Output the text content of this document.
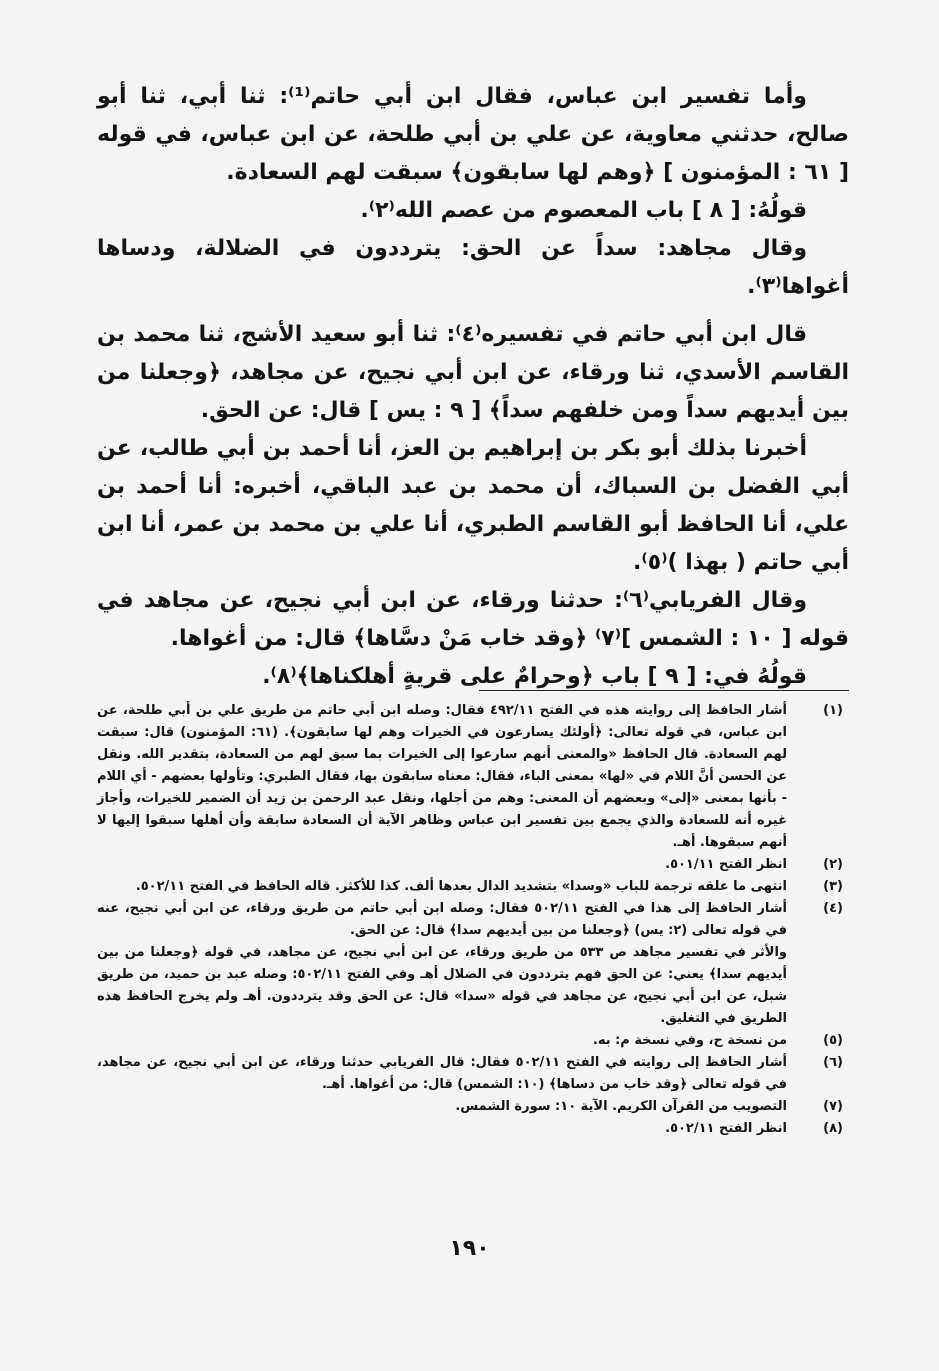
وأما تفسير ابن عباس، فقال ابن أبي حاتم⁽¹⁾: ثنا أبي، ثنا أبو صالح، حدثني معاوية، عن علي بن أبي طلحة، عن ابن عباس، في قوله [ ٦١ : المؤمنون ] ﴿وهم لها سابقون﴾ سبقت لهم السعادة.

قولُهُ: [ ٨ ] باب المعصوم من عصم الله⁽٢⁾.

وقال مجاهد: سداً عن الحق: يترددون في الضلالة، ودساها أغواها⁽٣⁾.

قال ابن أبي حاتم في تفسيره⁽٤⁾: ثنا أبو سعيد الأشج، ثنا محمد بن القاسم الأسدي، ثنا ورقاء، عن ابن أبي نجيح، عن مجاهد، ﴿وجعلنا من بين أيديهم سداً ومن خلفهم سداً﴾ [ ٩ : يس ] قال: عن الحق.

أخبرنا بذلك أبو بكر بن إبراهيم بن العز، أنا أحمد بن أبي طالب، عن أبي الفضل بن السباك، أن محمد بن عبد الباقي، أخبره: أنا أحمد بن علي، أنا الحافظ أبو القاسم الطبري، أنا علي بن محمد بن عمر، أنا ابن أبي حاتم ( بهذا )⁽٥⁾.

وقال الفريابي⁽٦⁾: حدثنا ورقاء، عن ابن أبي نجيح، عن مجاهد في قوله [ ١٠ : الشمس ]⁽٧⁾ ﴿وقد خاب مَنْ دسَّاها﴾ قال: من أغواها.

قولُهُ في: [ ٩ ] باب ﴿وحرامٌ على قريةٍ أهلكناها﴾⁽٨⁾.

(١)
أشار الحافظ إلى روايته هذه في الفتح ٤٩٢/١١ فقال: وصله ابن أبي حاتم من طريق علي بن أبي طلحة، عن ابن عباس، في قوله تعالى: ﴿أولئك يسارعون في الخيرات وهم لها سابقون﴾. (٦١: المؤمنون) قال: سبقت لهم السعادة. قال الحافظ «والمعنى أنهم سارعوا إلى الخيرات بما سبق لهم من السعادة، بتقدير الله. ونقل عن الحسن أنَّ اللام في «لها» بمعنى الباء، فقال: معناه سابقون بها، فقال الطبري: وتأولها بعضهم - أي اللام - بأنها بمعنى «إلى» وبعضهم أن المعنى: وهم من أجلها، ونقل عبد الرحمن بن زيد أن الضمير للخيرات، وأجاز غيره أنه للسعادة والذي يجمع بين تفسير ابن عباس وظاهر الآية أن السعادة سابقة وأن أهلها سبقوا إليها لا أنهم سبقوها. أهـ.
(٢)
انظر الفتح ٥٠١/١١.
(٣)
انتهى ما علقه ترجمة للباب «وسدا» بتشديد الدال بعدها ألف. كذا للأكثر. قاله الحافظ في الفتح ٥٠٢/١١.
(٤)
أشار الحافظ إلى هذا في الفتح ٥٠٢/١١ فقال: وصله ابن أبي حاتم من طريق ورقاء، عن ابن أبي نجيح، عنه في قوله تعالى (٢: يس) ﴿وجعلنا من بين أيديهم سدا﴾ قال: عن الحق.
والأثر في تفسير مجاهد ص ٥٣٣ من طريق ورقاء، عن ابن أبي نجيح، عن مجاهد، في قوله ﴿وجعلنا من بين أيديهم سدا﴾ يعني: عن الحق فهم يترددون في الضلال أهـ وفي الفتح ٥٠٢/١١: وصله عبد بن حميد، من طريق شبل، عن ابن أبي نجيح، عن مجاهد في قوله «سدا» قال: عن الحق وقد يترددون. أهـ ولم يخرج الحافظ هذه الطريق في التغليق.
(٥)
من نسخة ح، وفي نسخة م: به.
(٦)
أشار الحافظ إلى روايته في الفتح ٥٠٢/١١ فقال: قال الفريابي حدثنا ورقاء، عن ابن أبي نجيح، عن مجاهد، في قوله تعالى ﴿وقد خاب من دساها﴾ (١٠: الشمس) قال: من أغواها. أهـ.
(٧)
التصويب من القرآن الكريم. الآية ١٠: سورة الشمس.
(٨)
انظر الفتح ٥٠٢/١١.
١٩٠
